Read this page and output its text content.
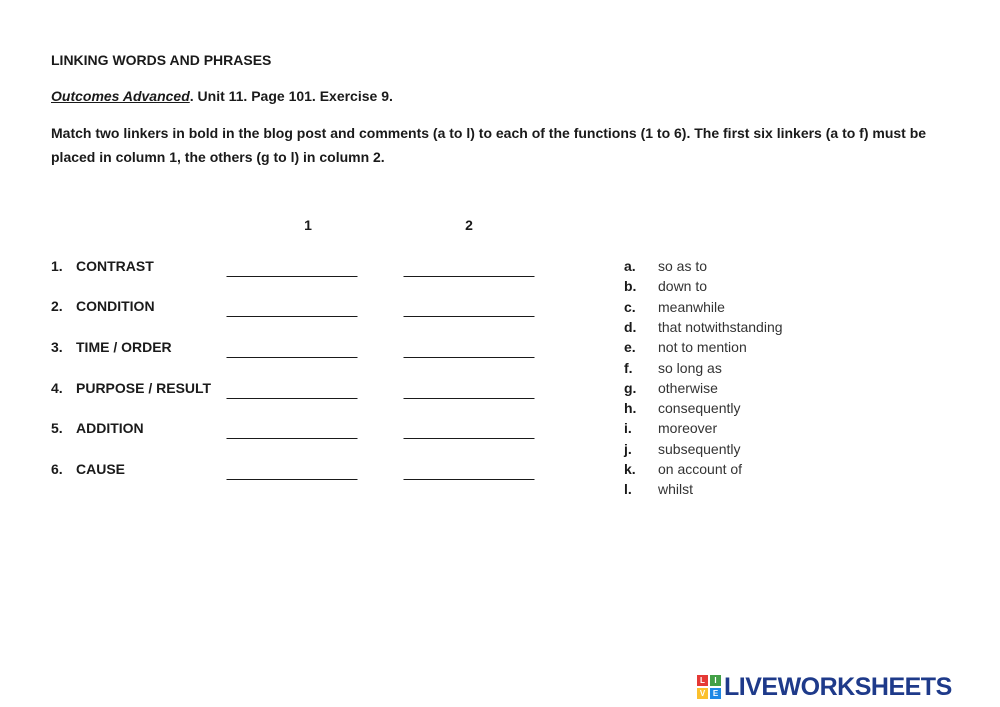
LINKING WORDS AND PHRASES
Outcomes Advanced. Unit 11. Page 101. Exercise 9.
Match two linkers in bold in the blog post and comments (a to l) to each of the functions (1 to 6). The first six linkers (a to f) must be placed in column 1, the others (g to l) in column 2.
1	2
1. CONTRAST
2. CONDITION
3. TIME / ORDER
4. PURPOSE / RESULT
5. ADDITION
6. CAUSE
a. so as to
b. down to
c. meanwhile
d. that notwithstanding
e. not to mention
f. so long as
g. otherwise
h. consequently
i. moreover
j. subsequently
k. on account of
l. whilst
L	I
V E LIVEWORKSHEETS
